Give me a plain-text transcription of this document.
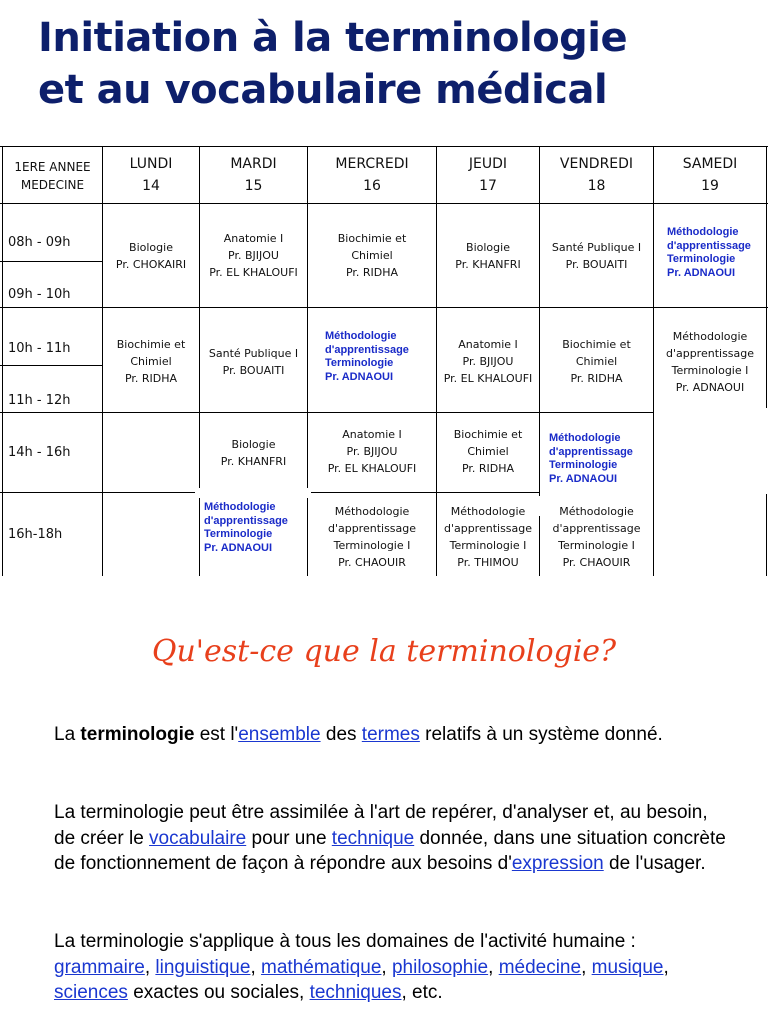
Initiation à la terminologie
et au vocabulaire médical
1ERE ANNEE
MEDECINE
LUNDI
14
MARDI
15
MERCREDI
16
JEUDI
17
VENDREDI
18
SAMEDI
19
08h - 09h
09h - 10h
10h - 11h
11h - 12h
14h - 16h
16h-18h
Biologie
Pr. CHOKAIRI
Anatomie I
Pr. BJIJOU
Pr. EL KHALOUFI
Biochimie et
Chimiel
Pr. RIDHA
Biologie
Pr. KHANFRI
Santé Publique I
Pr. BOUAITI
Méthodologie
d'apprentissage
Terminologie
Pr. ADNAOUI
Biochimie et
Chimiel
Pr. RIDHA
Santé Publique I
Pr. BOUAITI
Méthodologie
d'apprentissage
Terminologie
Pr. ADNAOUI
Anatomie I
Pr. BJIJOU
Pr. EL KHALOUFI
Biochimie et
Chimiel
Pr. RIDHA
Méthodologie
d'apprentissage
Terminologie I
Pr. ADNAOUI
Biologie
Pr. KHANFRI
Anatomie I
Pr. BJIJOU
Pr. EL KHALOUFI
Biochimie et
Chimiel
Pr. RIDHA
Méthodologie
d'apprentissage
Terminologie
Pr. ADNAOUI
Méthodologie
d'apprentissage
Terminologie
Pr. ADNAOUI
Méthodologie
d'apprentissage
Terminologie I
Pr. CHAOUIR
Méthodologie
d'apprentissage
Terminologie I
Pr. THIMOU
Méthodologie
d'apprentissage
Terminologie I
Pr. CHAOUIR
Qu'est-ce que la terminologie?

La terminologie est l'ensemble des termes relatifs à un système donné.

La terminologie peut être assimilée à l'art de repérer, d'analyser et, au besoin, de créer le vocabulaire pour une technique donnée, dans une situation concrète de fonctionnement de façon à répondre aux besoins d'expression de l'usager.

La terminologie s'applique à tous les domaines de l'activité humaine : grammaire, linguistique, mathématique, philosophie, médecine, musique, sciences exactes ou sociales, techniques, etc.
